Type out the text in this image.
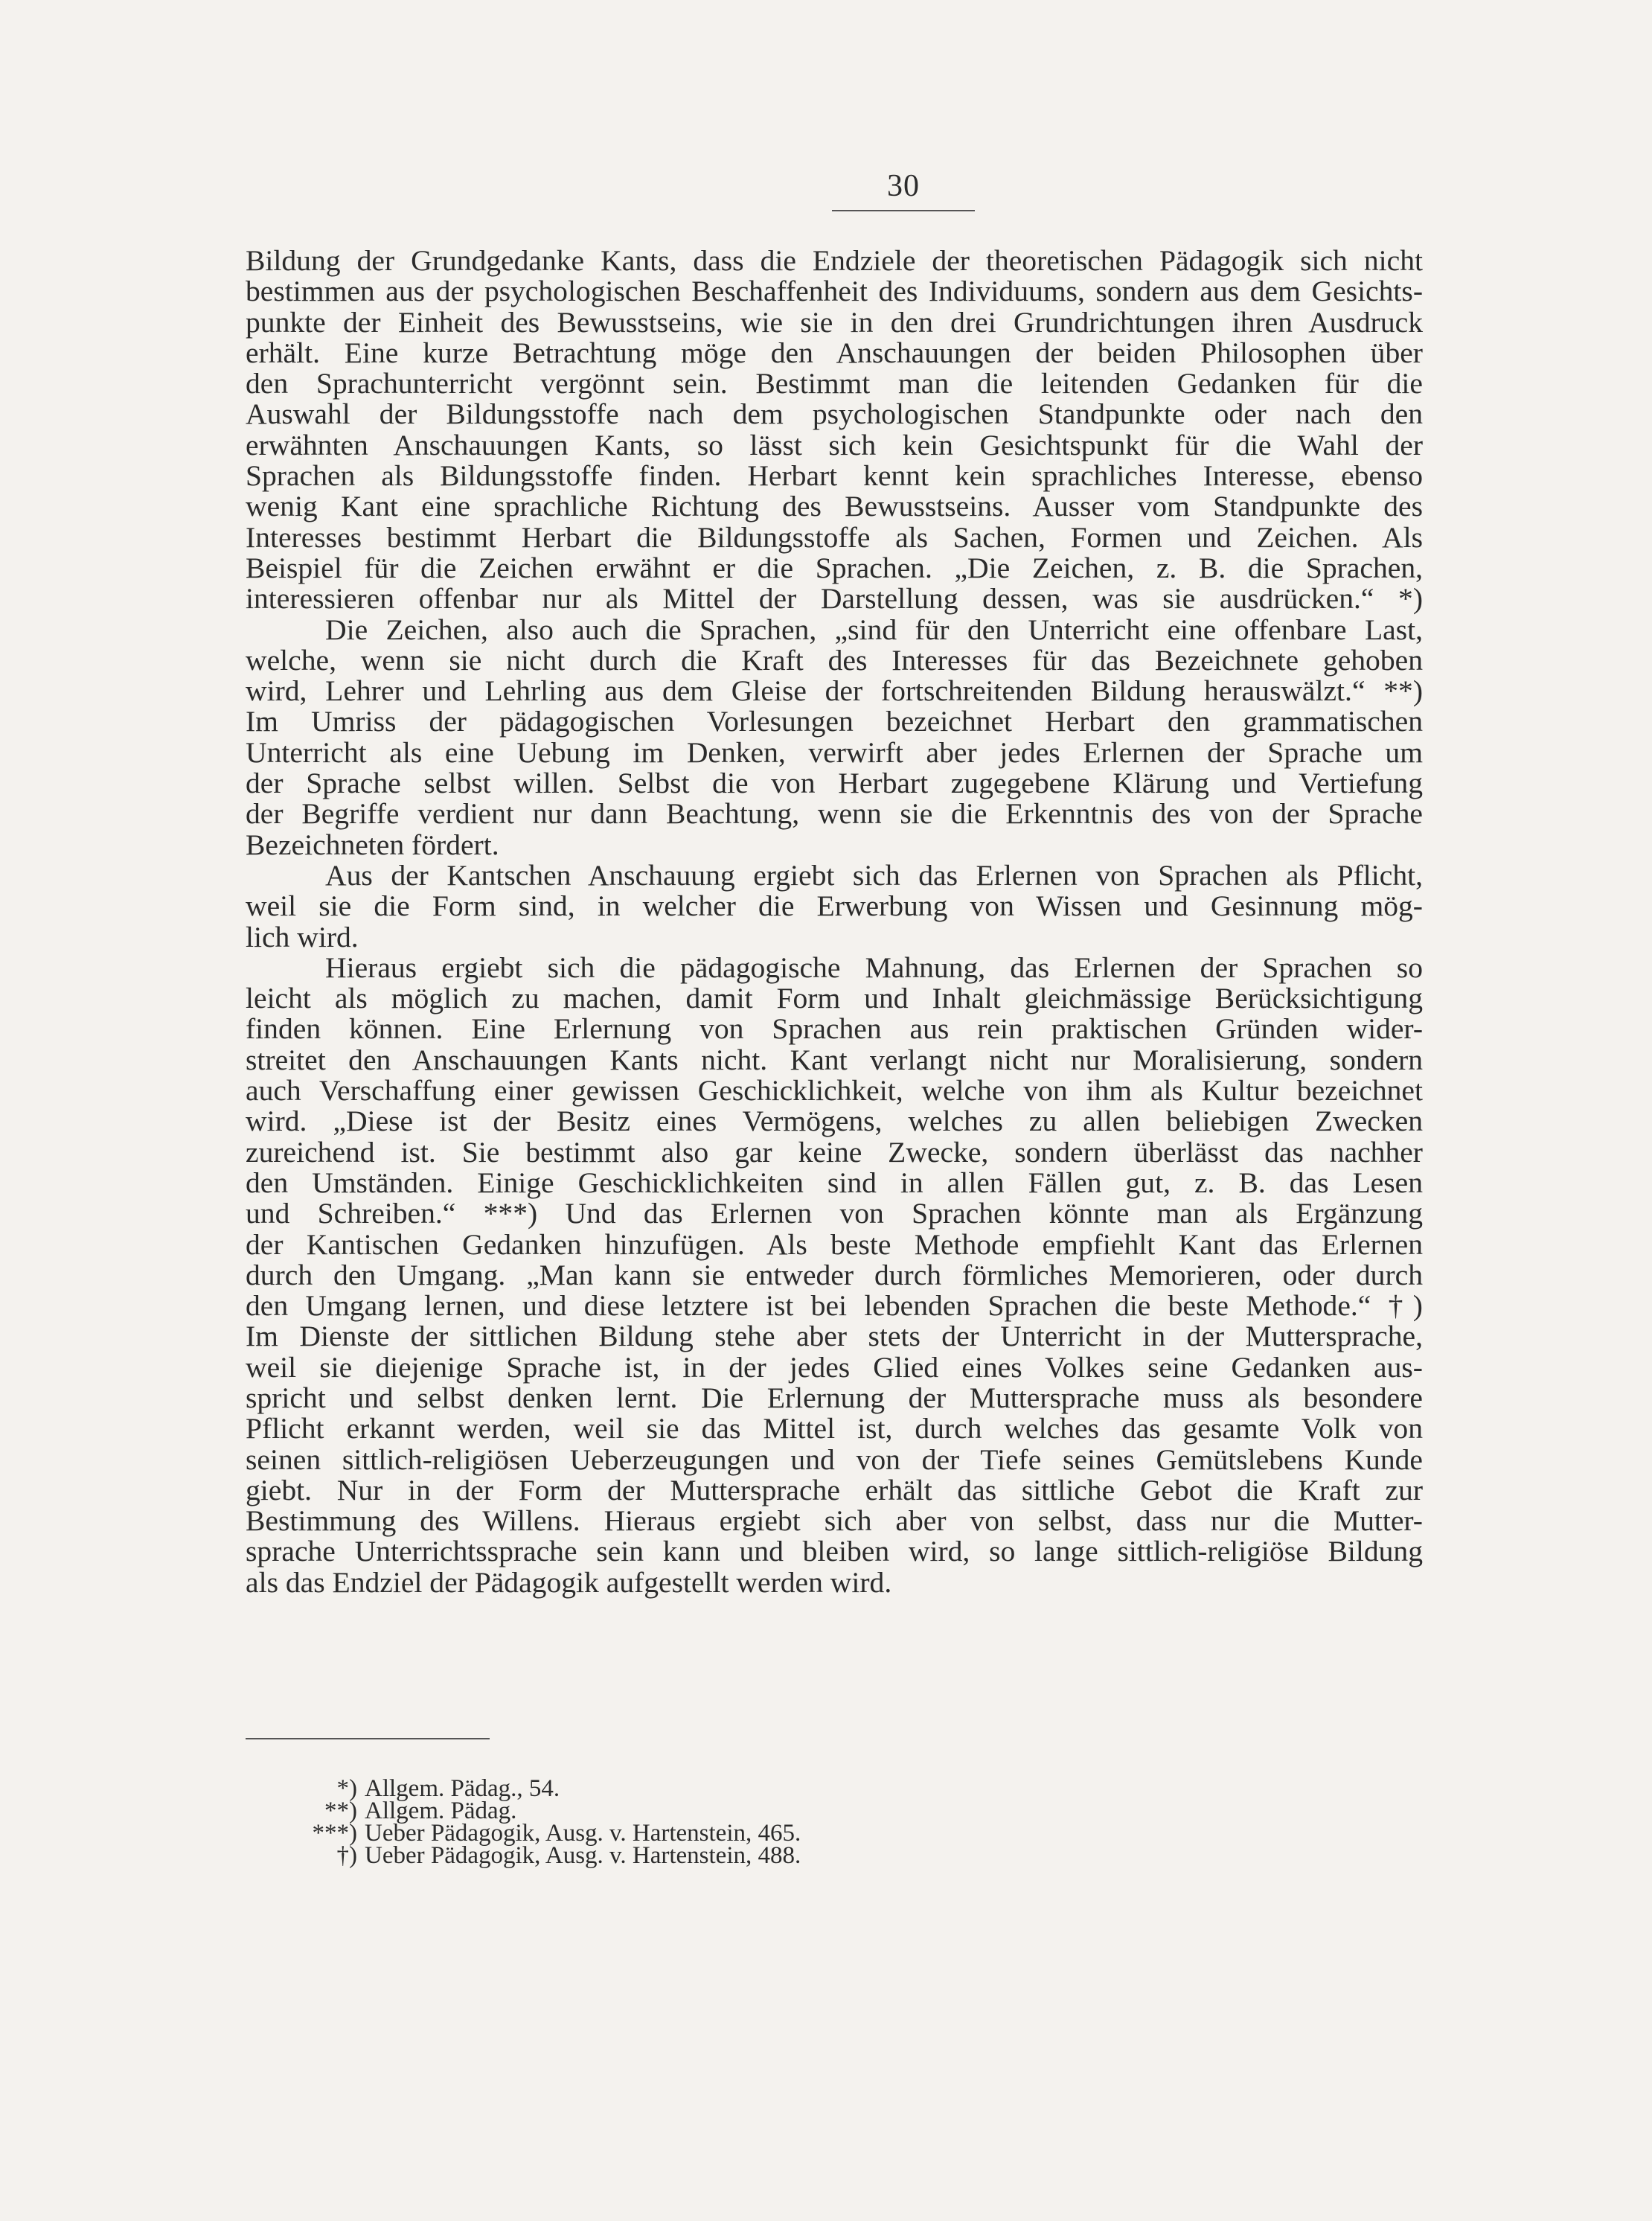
30
Bildung der Grundgedanke Kants, dass die Endziele der theoretischen Pädagogik sich nicht
bestimmen aus der psychologischen Beschaffenheit des Individuums, sondern aus dem Gesichts-
punkte der Einheit des Bewusstseins, wie sie in den drei Grundrichtungen ihren Ausdruck
erhält. Eine kurze Betrachtung möge den Anschauungen der beiden Philosophen über
den Sprachunterricht vergönnt sein. Bestimmt man die leitenden Gedanken für die
Auswahl der Bildungsstoffe nach dem psychologischen Standpunkte oder nach den
erwähnten Anschauungen Kants, so lässt sich kein Gesichtspunkt für die Wahl der
Sprachen als Bildungsstoffe finden. Herbart kennt kein sprachliches Interesse, ebenso
wenig Kant eine sprachliche Richtung des Bewusstseins. Ausser vom Standpunkte des
Interesses bestimmt Herbart die Bildungsstoffe als Sachen, Formen und Zeichen. Als
Beispiel für die Zeichen erwähnt er die Sprachen. „Die Zeichen, z. B. die Sprachen,
interessieren offenbar nur als Mittel der Darstellung dessen, was sie ausdrücken.“ *)
Die Zeichen, also auch die Sprachen, „sind für den Unterricht eine offenbare Last,
welche, wenn sie nicht durch die Kraft des Interesses für das Bezeichnete gehoben
wird, Lehrer und Lehrling aus dem Gleise der fortschreitenden Bildung herauswälzt.“ **)
Im Umriss der pädagogischen Vorlesungen bezeichnet Herbart den grammatischen
Unterricht als eine Uebung im Denken, verwirft aber jedes Erlernen der Sprache um
der Sprache selbst willen. Selbst die von Herbart zugegebene Klärung und Vertiefung
der Begriffe verdient nur dann Beachtung, wenn sie die Erkenntnis des von der Sprache
Bezeichneten fördert.
Aus der Kantschen Anschauung ergiebt sich das Erlernen von Sprachen als Pflicht,
weil sie die Form sind, in welcher die Erwerbung von Wissen und Gesinnung mög-
lich wird.
Hieraus ergiebt sich die pädagogische Mahnung, das Erlernen der Sprachen so
leicht als möglich zu machen, damit Form und Inhalt gleichmässige Berücksichtigung
finden können. Eine Erlernung von Sprachen aus rein praktischen Gründen wider-
streitet den Anschauungen Kants nicht. Kant verlangt nicht nur Moralisierung, sondern
auch Verschaffung einer gewissen Geschicklichkeit, welche von ihm als Kultur bezeichnet
wird. „Diese ist der Besitz eines Vermögens, welches zu allen beliebigen Zwecken
zureichend ist. Sie bestimmt also gar keine Zwecke, sondern überlässt das nachher
den Umständen. Einige Geschicklichkeiten sind in allen Fällen gut, z. B. das Lesen
und Schreiben.“ ***) Und das Erlernen von Sprachen könnte man als Ergänzung
der Kantischen Gedanken hinzufügen. Als beste Methode empfiehlt Kant das Erlernen
durch den Umgang. „Man kann sie entweder durch förmliches Memorieren, oder durch
den Umgang lernen, und diese letztere ist bei lebenden Sprachen die beste Methode.“ †)
Im Dienste der sittlichen Bildung stehe aber stets der Unterricht in der Muttersprache,
weil sie diejenige Sprache ist, in der jedes Glied eines Volkes seine Gedanken aus-
spricht und selbst denken lernt. Die Erlernung der Muttersprache muss als besondere
Pflicht erkannt werden, weil sie das Mittel ist, durch welches das gesamte Volk von
seinen sittlich-religiösen Ueberzeugungen und von der Tiefe seines Gemütslebens Kunde
giebt. Nur in der Form der Muttersprache erhält das sittliche Gebot die Kraft zur
Bestimmung des Willens. Hieraus ergiebt sich aber von selbst, dass nur die Mutter-
sprache Unterrichtssprache sein kann und bleiben wird, so lange sittlich-religiöse Bildung
als das Endziel der Pädagogik aufgestellt werden wird.
*) Allgem. Pädag., 54.
**) Allgem. Pädag.
***) Ueber Pädagogik, Ausg. v. Hartenstein, 465.
†) Ueber Pädagogik, Ausg. v. Hartenstein, 488.
